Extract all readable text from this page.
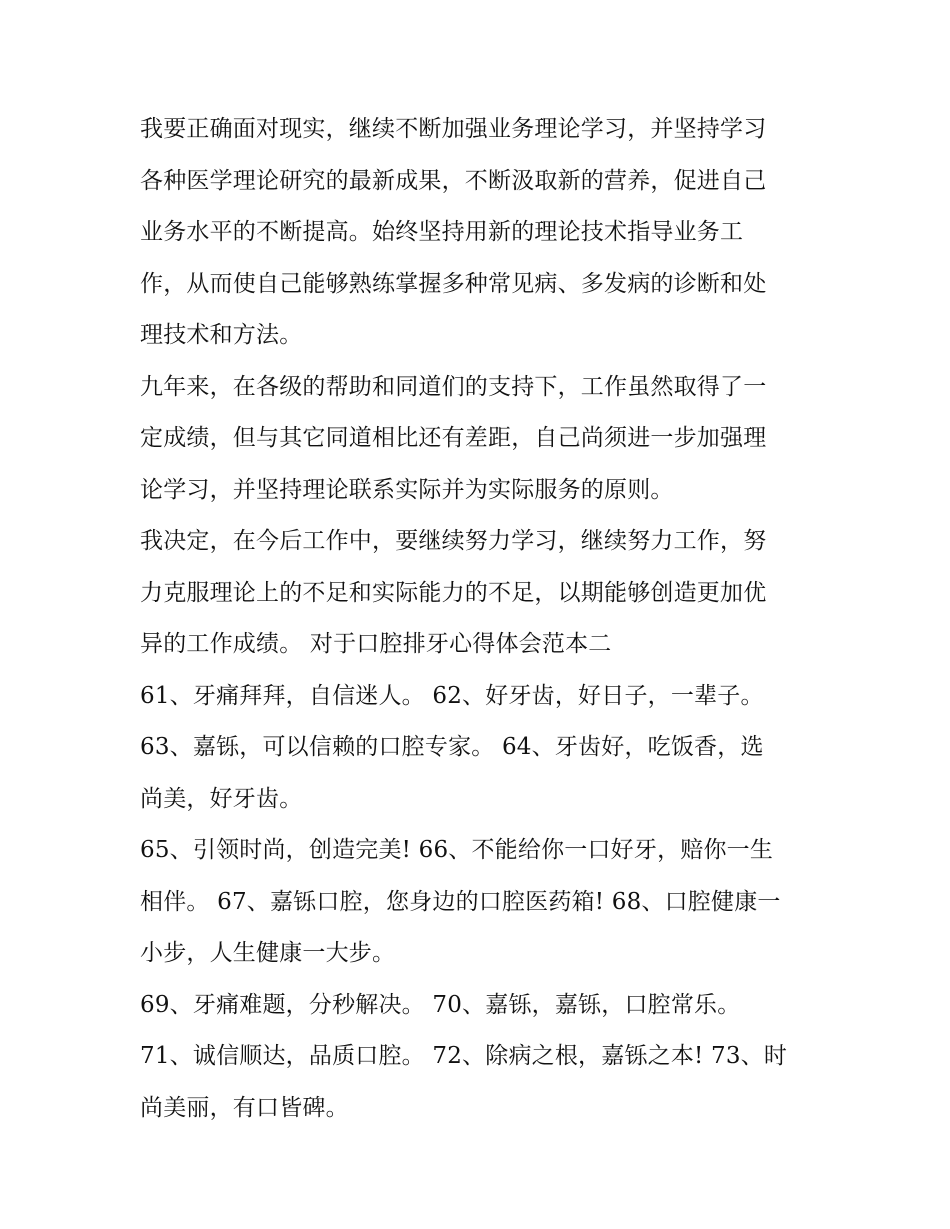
我要正确面对现实，继续不断加强业务理论学习，并坚持学习
各种医学理论研究的最新成果，不断汲取新的营养，促进自己
业务水平的不断提高。始终坚持用新的理论技术指导业务工
作，从而使自己能够熟练掌握多种常见病、多发病的诊断和处
理技术和方法。

九年来，在各级的帮助和同道们的支持下，工作虽然取得了一
定成绩，但与其它同道相比还有差距，自己尚须进一步加强理
论学习，并坚持理论联系实际并为实际服务的原则。

我决定，在今后工作中，要继续努力学习，继续努力工作，努
力克服理论上的不足和实际能力的不足，以期能够创造更加优
异的工作成绩。 对于口腔排牙心得体会范本二

61、牙痛拜拜，自信迷人。 62、好牙齿，好日子，一辈子。

63、嘉铄，可以信赖的口腔专家。 64、牙齿好，吃饭香，选
尚美，好牙齿。

65、引领时尚，创造完美! 66、不能给你一口好牙，赔你一生
相伴。 67、嘉铄口腔，您身边的口腔医药箱! 68、口腔健康一
小步，人生健康一大步。

69、牙痛难题，分秒解决。 70、嘉铄，嘉铄，口腔常乐。

71、诚信顺达，品质口腔。 72、除病之根，嘉铄之本! 73、时
尚美丽，有口皆碑。
